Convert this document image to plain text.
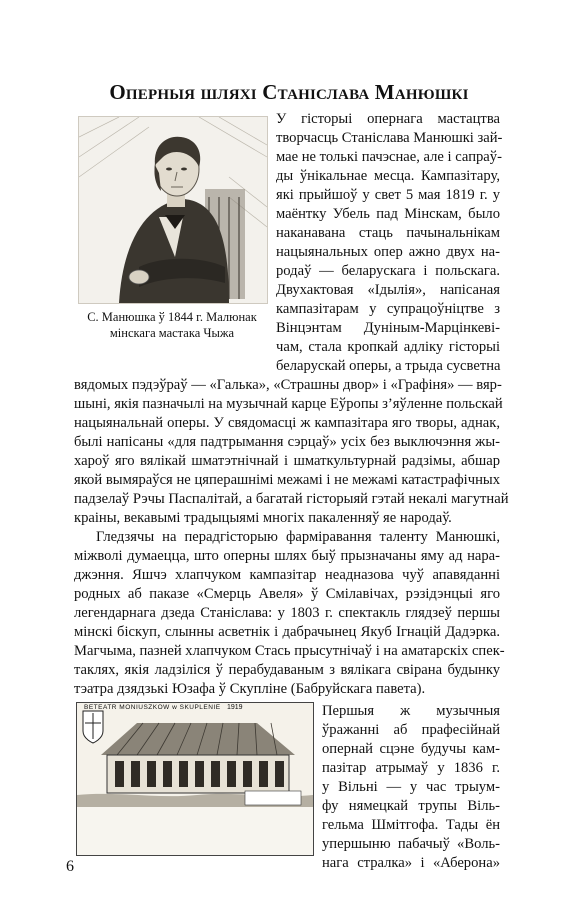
Оперныя шляхі Станіслава Манюшкі
С. Манюшка ў 1844 г. Малюнак
мінскага мастака Чыжа
У гісторыі опернага мастацтва
творчасць Станіслава Манюшкі зай-
мае не толькі пачэснае, але і сапраў-
ды ўнікальнае месца. Кампазітару,
які прыйшоў у свет 5 мая 1819 г. у
маёнтку Убель пад Мінскам, было
наканавана стаць пачынальнікам
нацыянальных опер ажно двух на-
родаў — беларускага і польскага.
Двухактовая «Ідылія», напісаная
кампазітарам у супрацоўніцтве з
Вінцэнтам Дуніным-Марцінкеві-
чам, стала кропкай адліку гісторыі
беларускай оперы, а трыда сусветна
вядомых пэдэўраў — «Галька», «Страшны двор» і «Графіня» — вяр-
шыні, якія пазначылі на музычнай карце Еўропы з’яўленне польскай
нацыянальнай оперы. У свядомасці ж кампазітара яго творы, аднак,
былі напісаны «для падтрымання сэрцаў» усіх без выключэння жы-
хароў яго вялікай шматэтнічнай і шматкультурнай радзімы, абшар
якой вымяраўся не цяперашнімі межамі і не межамі катастрафічных
падзелаў Рэчы Паспалітай, а багатай гісторыяй гэтай некалі магутнай
краіны, векавымі традыцыямі многіх пакаленняў яе народаў.
Гледзячы на перадгісторыю фарміравання таленту Манюшкі,
міжволі думаецца, што оперны шлях быў прызначаны яму ад нара-
джэння. Яшчэ хлапчуком кампазітар неадназова чуў апавяданні
родных аб паказе «Смерць Авеля» ў Смілавічах, рэзідэнцыі яго
легендарнага дзеда Станіслава: у 1803 г. спектакль глядзеў першы
мінскі біскуп, слынны асветнік і дабрачынец Якуб Ігнацій Дадэрка.
Магчыма, пазней хлапчуком Стась прысутнічаў і на аматарскіх спек-
таклях, якія ладзіліся ў перабудаваным з вялікага свірана будынку
тэатра дзядзькі Юзафа ў Скупліне (Бабруйскага павета).
1919
BETEATR MONIUSZKÓW w SKUPLENIE	Першыя ж музычныя
ўражанні аб прафесійнай
опернай сцэне будучы кам-
пазітар атрымаў у 1836 г.
у Вільні — у час трыум-
фу нямецкай трупы Віль-
гельма Шмітгофа. Тады ён
упершыню пабачыў «Воль-
нага стралка» і «Аберона»
6
